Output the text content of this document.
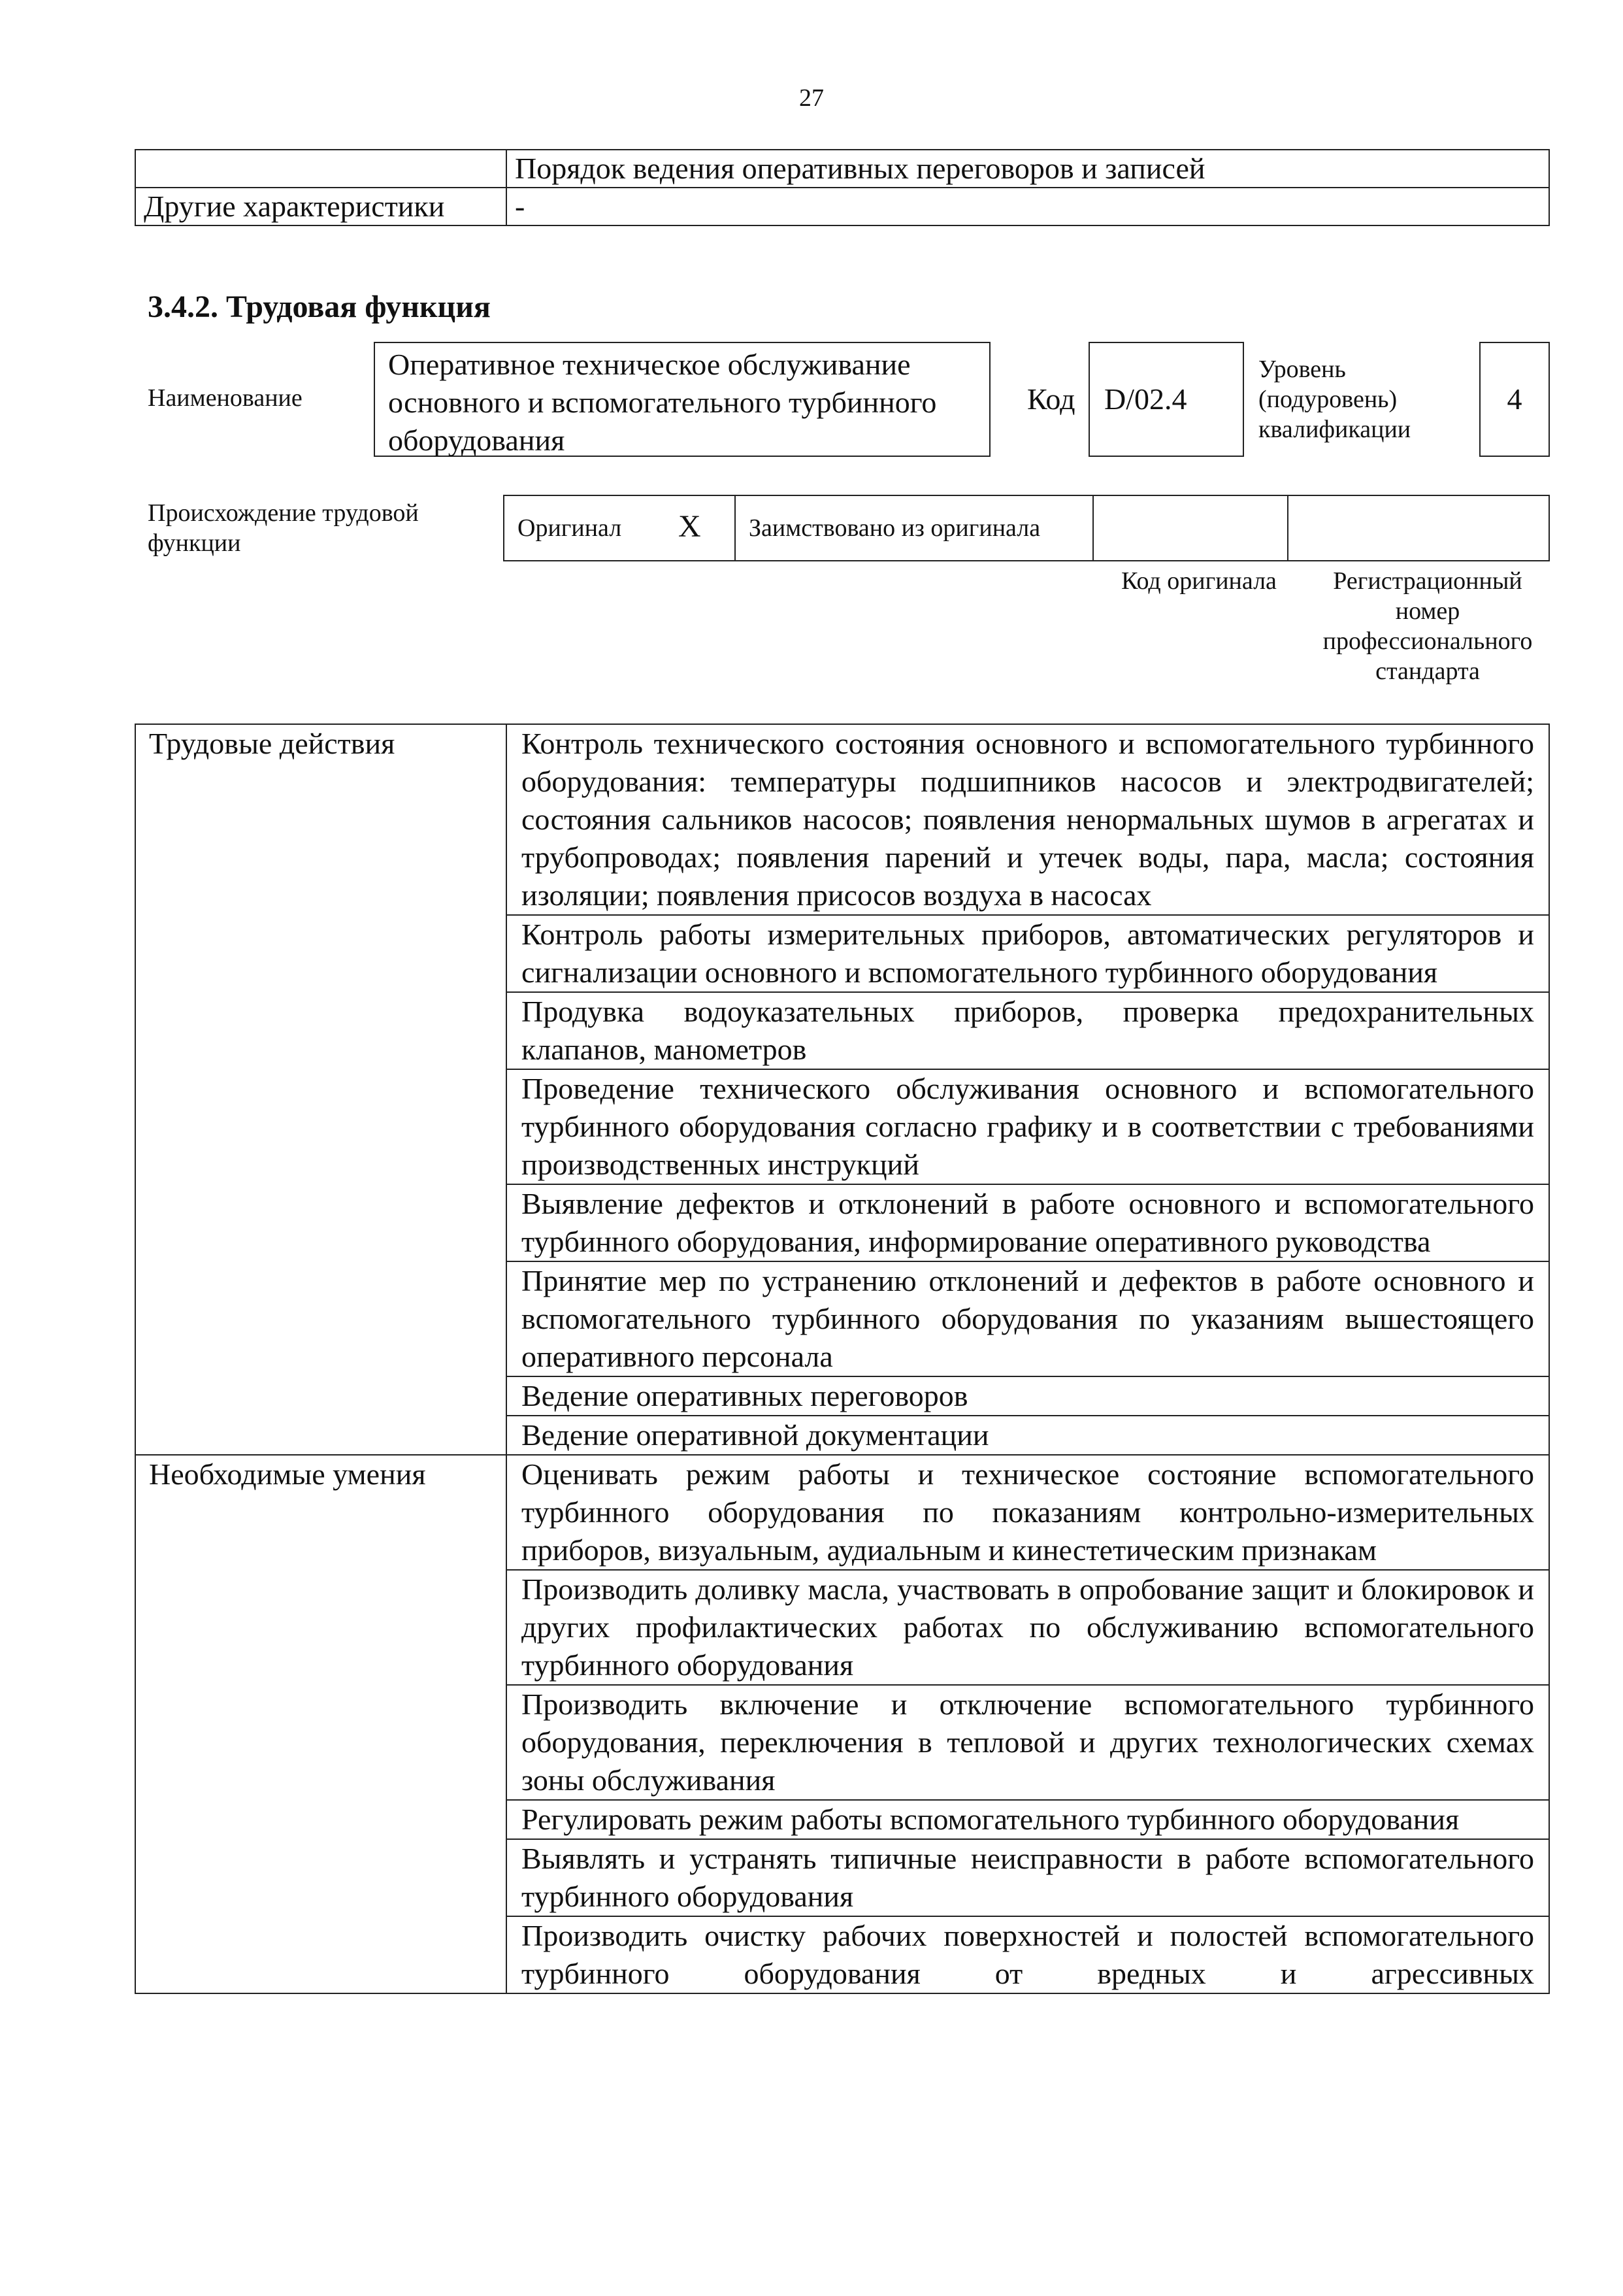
27
	Порядок ведения оперативных переговоров и записей
Другие характеристики	-
3.4.2. Трудовая функция
Наименование
Оперативное техническое обслуживание основного и вспомогательного турбинного оборудования
Код D/02.4
Уровень (подуровень) квалификации
4
Происхождение трудовой функции
Оригинал X Заимствовано из оригинала
Код оригинала	Регистрационный номер профессионального стандарта
Трудовые действия	Контроль технического состояния основного и вспомогательного турбинного оборудования: температуры подшипников насосов и электродвигателей; состояния сальников насосов; появления ненормальных шумов в агрегатах и трубопроводах; появления парений и утечек воды, пара, масла; состояния изоляции; появления присосов воздуха в насосах
	Контроль работы измерительных приборов, автоматических регуляторов и сигнализации основного и вспомогательного турбинного оборудования
	Продувка водоуказательных приборов, проверка предохранительных клапанов, манометров
	Проведение технического обслуживания основного и вспомогательного турбинного оборудования согласно графику и в соответствии с требованиями производственных инструкций
	Выявление дефектов и отклонений в работе основного и вспомогательного турбинного оборудования, информирование оперативного руководства
	Принятие мер по устранению отклонений и дефектов в работе основного и вспомогательного турбинного оборудования по указаниям вышестоящего оперативного персонала
	Ведение оперативных переговоров
	Ведение оперативной документации
Необходимые умения	Оценивать режим работы и техническое состояние вспомогательного турбинного оборудования по показаниям контрольно-измерительных приборов, визуальным, аудиальным и кинестетическим признакам
	Производить доливку масла, участвовать в опробование защит и блокировок и других профилактических работах по обслуживанию вспомогательного турбинного оборудования
	Производить включение и отключение вспомогательного турбинного оборудования, переключения в тепловой и других технологических схемах зоны обслуживания
	Регулировать режим работы вспомогательного турбинного оборудования
	Выявлять и устранять типичные неисправности в работе вспомогательного турбинного оборудования
	Производить очистку рабочих поверхностей и полостей вспомогательного турбинного оборудования от вредных и агрессивных
